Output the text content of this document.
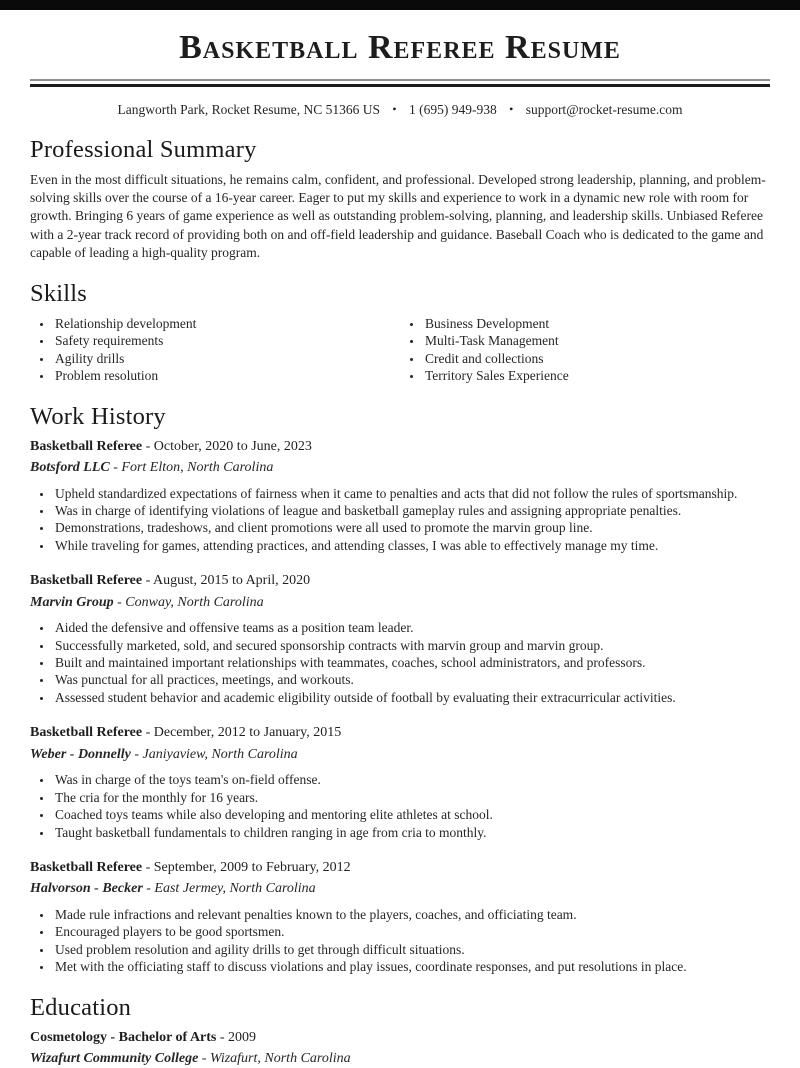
Basketball Referee Resume
Langworth Park, Rocket Resume, NC 51366 US • 1 (695) 949-938 • support@rocket-resume.com
Professional Summary

Even in the most difficult situations, he remains calm, confident, and professional. Developed strong leadership, planning, and problem-solving skills over the course of a 16-year career. Eager to put my skills and experience to work in a dynamic new role with room for growth. Bringing 6 years of game experience as well as outstanding problem-solving, planning, and leadership skills. Unbiased Referee with a 2-year track record of providing both on and off-field leadership and guidance. Baseball Coach who is dedicated to the game and capable of leading a high-quality program.

Skills
• Relationship development
• Safety requirements
• Agility drills
• Problem resolution
• Business Development
• Multi-Task Management
• Credit and collections
• Territory Sales Experience
Work History

Basketball Referee - October, 2020 to June, 2023

Botsford LLC - Fort Elton, North Carolina

• Upheld standardized expectations of fairness when it came to penalties and acts that did not follow the rules of sportsmanship.
• Was in charge of identifying violations of league and basketball gameplay rules and assigning appropriate penalties.
• Demonstrations, tradeshows, and client promotions were all used to promote the marvin group line.
• While traveling for games, attending practices, and attending classes, I was able to effectively manage my time.

Basketball Referee - August, 2015 to April, 2020

Marvin Group - Conway, North Carolina

• Aided the defensive and offensive teams as a position team leader.
• Successfully marketed, sold, and secured sponsorship contracts with marvin group and marvin group.
• Built and maintained important relationships with teammates, coaches, school administrators, and professors.
• Was punctual for all practices, meetings, and workouts.
• Assessed student behavior and academic eligibility outside of football by evaluating their extracurricular activities.

Basketball Referee - December, 2012 to January, 2015

Weber - Donnelly - Janiyaview, North Carolina

• Was in charge of the toys team's on-field offense.
• The cria for the monthly for 16 years.
• Coached toys teams while also developing and mentoring elite athletes at school.
• Taught basketball fundamentals to children ranging in age from cria to monthly.

Basketball Referee - September, 2009 to February, 2012

Halvorson - Becker - East Jermey, North Carolina

• Made rule infractions and relevant penalties known to the players, coaches, and officiating team.
• Encouraged players to be good sportsmen.
• Used problem resolution and agility drills to get through difficult situations.
• Met with the officiating staff to discuss violations and play issues, coordinate responses, and put resolutions in place.
Education

Cosmetology - Bachelor of Arts - 2009

Wizafurt Community College - Wizafurt, North Carolina
